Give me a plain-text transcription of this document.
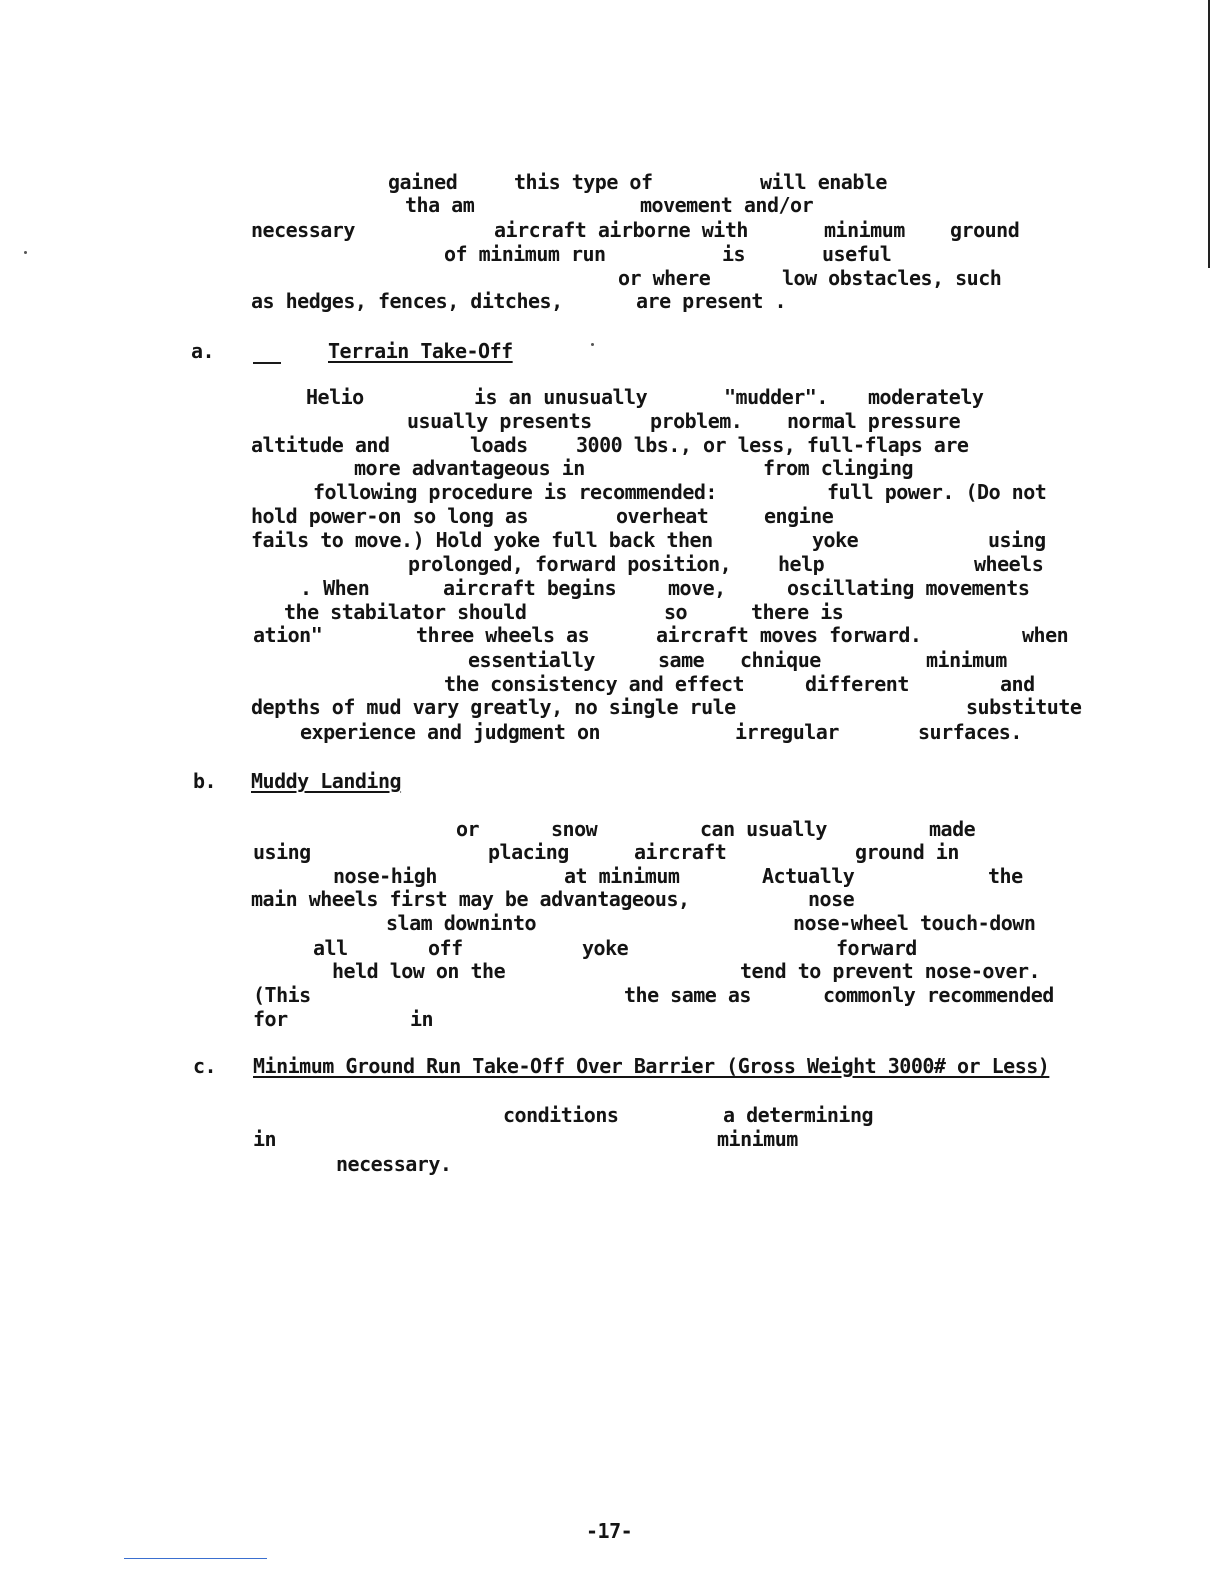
gained	this type of	will enable
tha am	movement and/or
necessary	aircraft airborne with	minimum ground
of minimum run	is	useful
or where	low obstacles, such
as hedges, fences, ditches,	are present .
a.	Terrain Take-Off
Helio	is an unusually	"mudder". moderately
usually presents	problem. normal pressure
altitude and	loads 3000 lbs., or less, full-flaps are
more advantageous in	from clinging
following procedure is recommended:	full power. (Do not
hold power-on so long as	overheat	engine
fails to move.) Hold yoke full back then	yoke	using
prolonged, forward position, help	wheels
. When	aircraft begins	move,	oscillating movements
the stabilator should	so	there is
ation"	three wheels as	aircraft moves forward.	when
essentially	same chnique	minimum
the consistency and effect	different	and
depths of mud vary greatly, no single rule	substitute
experience and judgment on	irregular	surfaces.
b. Muddy Landing
or	snow	can usually	made
using	placing	aircraft	ground in
nose-high	at minimum	Actually	the
main wheels first may be advantageous,	nose
slam downinto	nose-wheel touch-down
all	off	yoke	forward
held low on the	tend to prevent nose-over.
(This	the same as	commonly recommended
for	in
c. Minimum Ground Run Take-Off Over Barrier (Gross Weight 3000# or Less)
conditions	a determining
in	minimum
necessary.
-17-
